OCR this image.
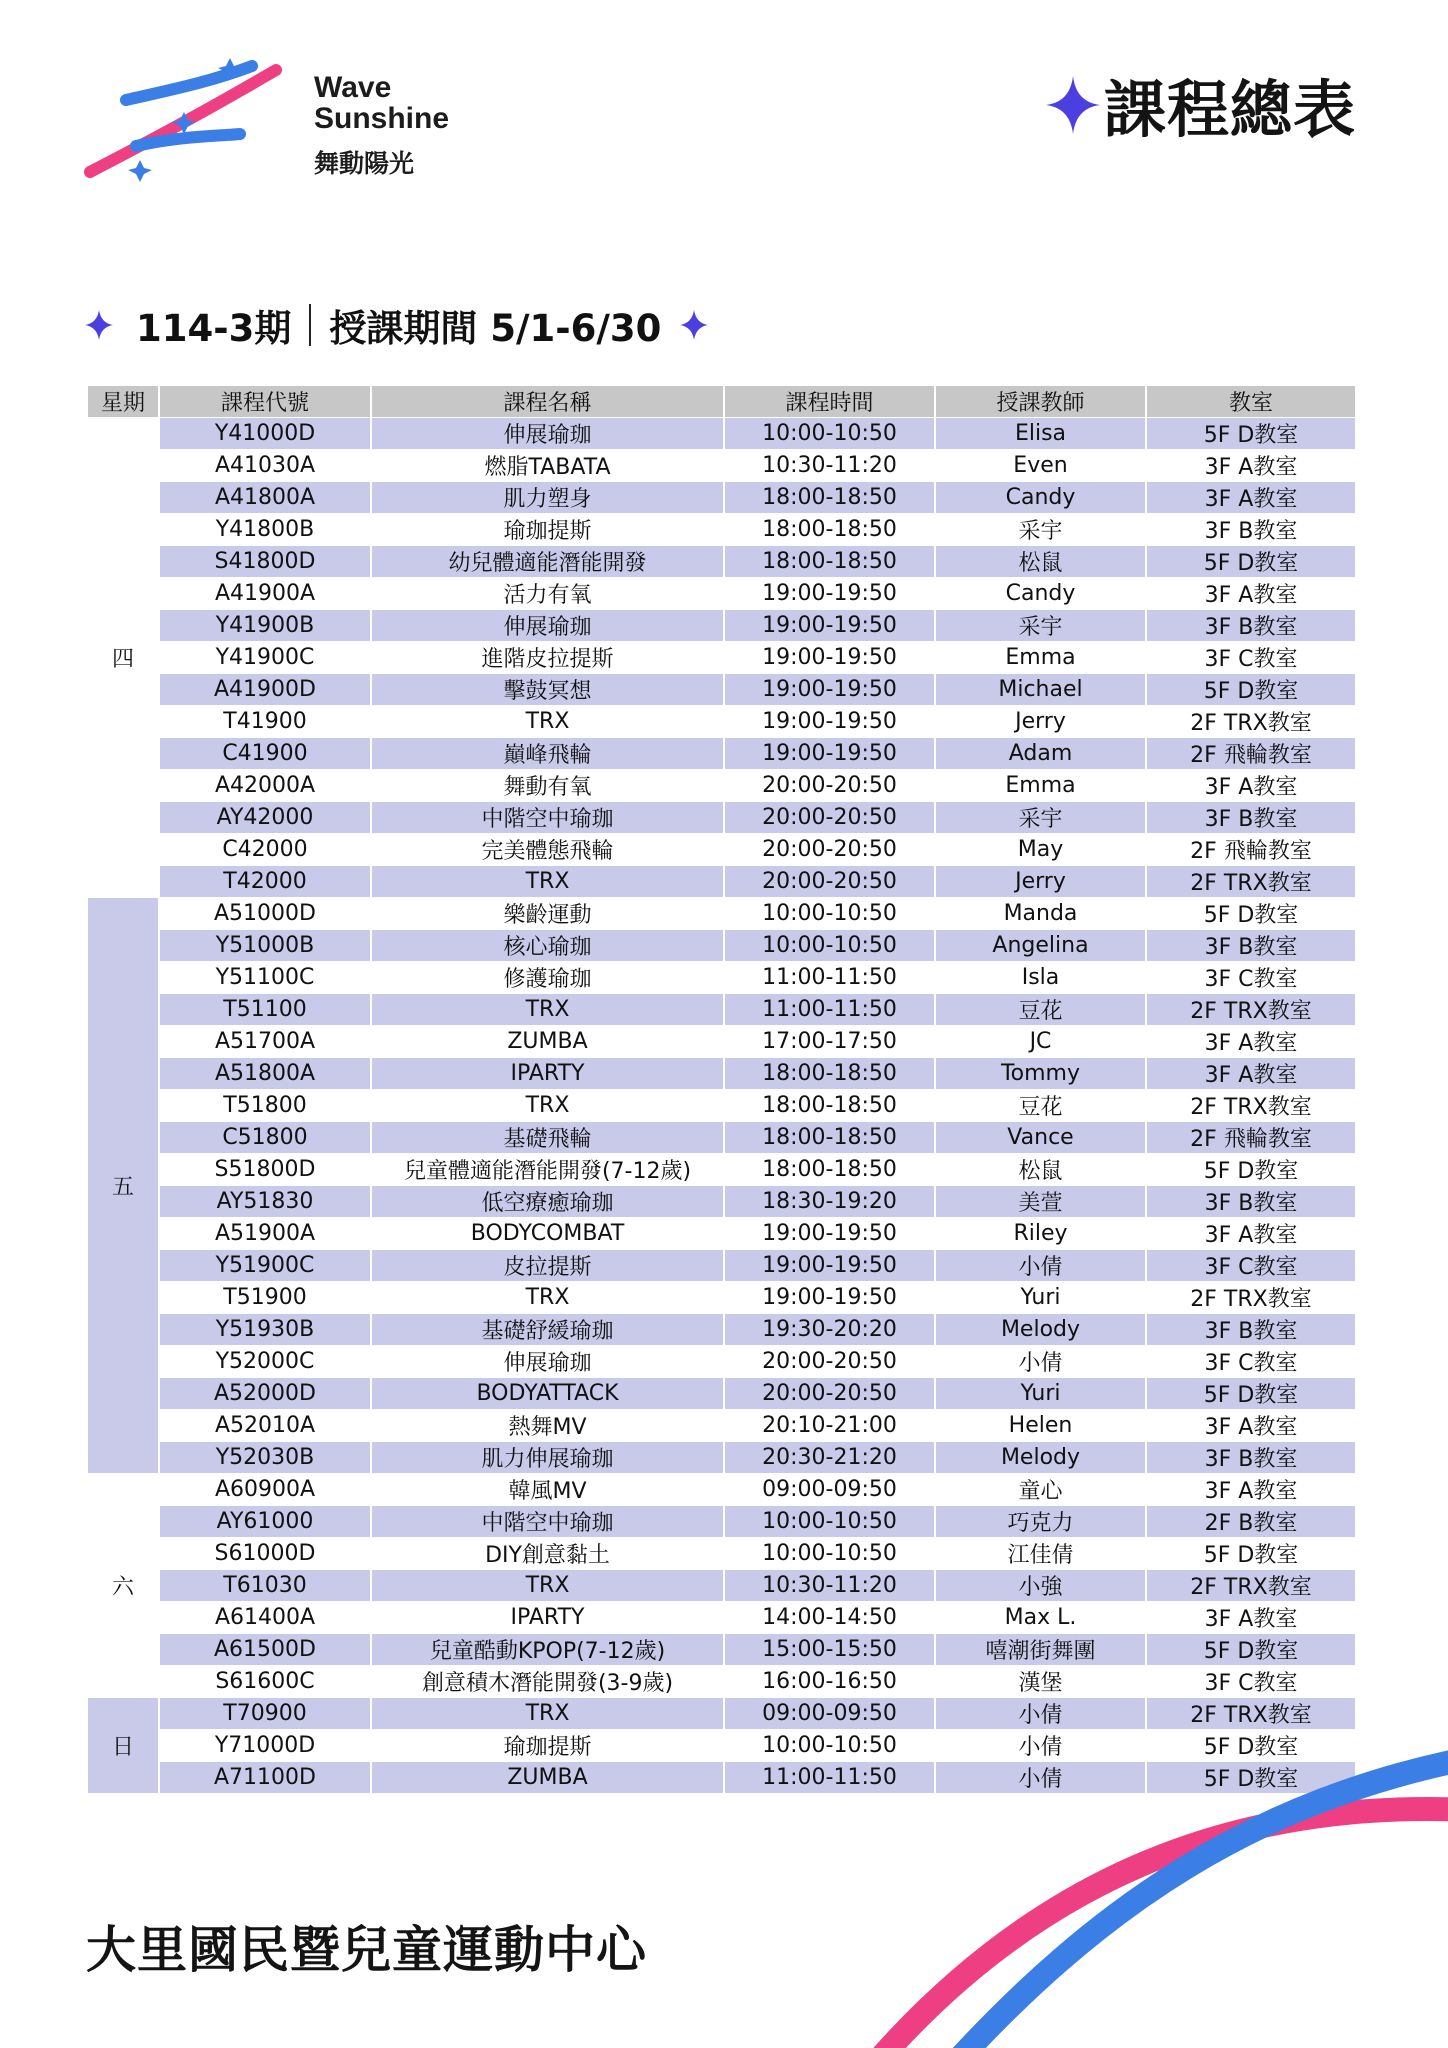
Wave
Sunshine
舞動陽光
課程總表
114-3期 授課期間 5/1-6/30
星期	課程代號	課程名稱	課程時間	授課教師	教室
四	Y41000D	伸展瑜珈	10:00-10:50	Elisa	5F D教室
	A41030A	燃脂TABATA	10:30-11:20	Even	3F A教室
	A41800A	肌力塑身	18:00-18:50	Candy	3F A教室
	Y41800B	瑜珈提斯	18:00-18:50	采宇	3F B教室
	S41800D	幼兒體適能潛能開發	18:00-18:50	松鼠	5F D教室
	A41900A	活力有氧	19:00-19:50	Candy	3F A教室
	Y41900B	伸展瑜珈	19:00-19:50	采宇	3F B教室
	Y41900C	進階皮拉提斯	19:00-19:50	Emma	3F C教室
	A41900D	擊鼓冥想	19:00-19:50	Michael	5F D教室
	T41900	TRX	19:00-19:50	Jerry	2F TRX教室
	C41900	巔峰飛輪	19:00-19:50	Adam	2F 飛輪教室
	A42000A	舞動有氧	20:00-20:50	Emma	3F A教室
	AY42000	中階空中瑜珈	20:00-20:50	采宇	3F B教室
	C42000	完美體態飛輪	20:00-20:50	May	2F 飛輪教室
	T42000	TRX	20:00-20:50	Jerry	2F TRX教室
五	A51000D	樂齡運動	10:00-10:50	Manda	5F D教室
	Y51000B	核心瑜珈	10:00-10:50	Angelina	3F B教室
	Y51100C	修護瑜珈	11:00-11:50	Isla	3F C教室
	T51100	TRX	11:00-11:50	豆花	2F TRX教室
	A51700A	ZUMBA	17:00-17:50	JC	3F A教室
	A51800A	IPARTY	18:00-18:50	Tommy	3F A教室
	T51800	TRX	18:00-18:50	豆花	2F TRX教室
	C51800	基礎飛輪	18:00-18:50	Vance	2F 飛輪教室
	S51800D	兒童體適能潛能開發(7-12歲)	18:00-18:50	松鼠	5F D教室
	AY51830	低空療癒瑜珈	18:30-19:20	美萱	3F B教室
	A51900A	BODYCOMBAT	19:00-19:50	Riley	3F A教室
	Y51900C	皮拉提斯	19:00-19:50	小倩	3F C教室
	T51900	TRX	19:00-19:50	Yuri	2F TRX教室
	Y51930B	基礎舒緩瑜珈	19:30-20:20	Melody	3F B教室
	Y52000C	伸展瑜珈	20:00-20:50	小倩	3F C教室
	A52000D	BODYATTACK	20:00-20:50	Yuri	5F D教室
	A52010A	熱舞MV	20:10-21:00	Helen	3F A教室
	Y52030B	肌力伸展瑜珈	20:30-21:20	Melody	3F B教室
六	A60900A	韓風MV	09:00-09:50	童心	3F A教室
	AY61000	中階空中瑜珈	10:00-10:50	巧克力	2F B教室
	S61000D	DIY創意黏土	10:00-10:50	江佳倩	5F D教室
	T61030	TRX	10:30-11:20	小強	2F TRX教室
	A61400A	IPARTY	14:00-14:50	Max L.	3F A教室
	A61500D	兒童酷動KPOP(7-12歲)	15:00-15:50	嘻潮街舞團	5F D教室
	S61600C	創意積木潛能開發(3-9歲)	16:00-16:50	漢堡	3F C教室
日	T70900	TRX	09:00-09:50	小倩	2F TRX教室
	Y71000D	瑜珈提斯	10:00-10:50	小倩	5F D教室
	A71100D	ZUMBA	11:00-11:50	小倩	5F D教室
大里國民暨兒童運動中心
